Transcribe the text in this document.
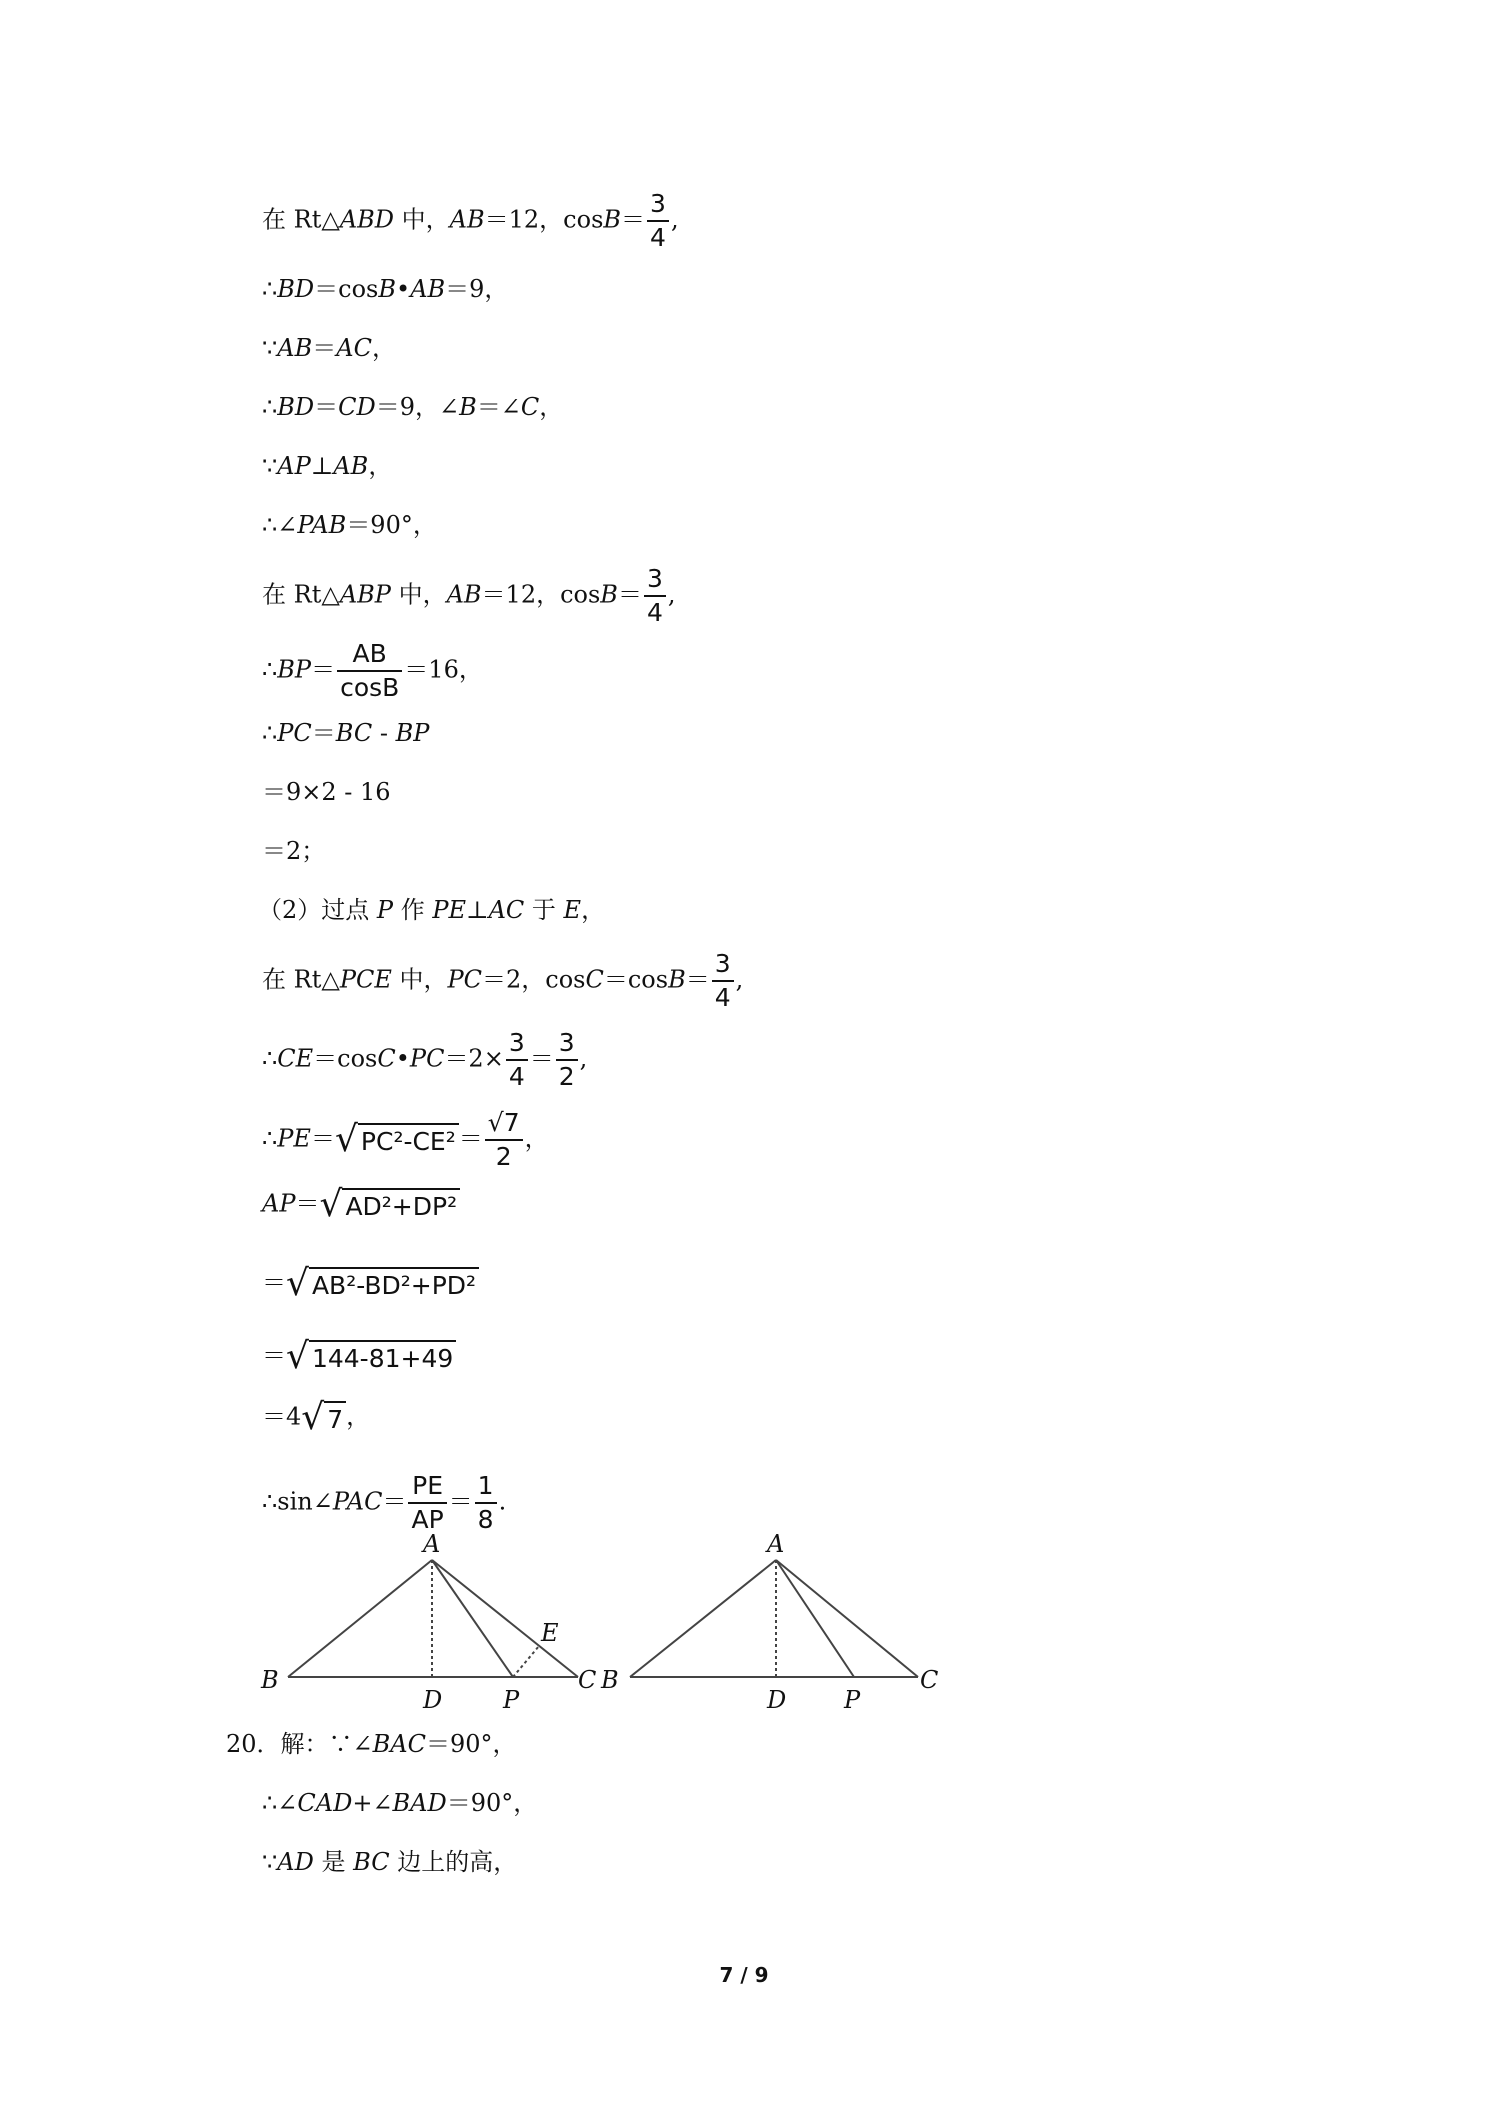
在 Rt△ABD 中，AB＝12，$\cos B= \frac{3}{4}$ ,
∴BD＝cosB•AB＝9，
∵AB＝AC，
∴BD＝CD＝9，∠B＝∠C，
∵AP⊥AB，
∴∠PAB＝90°，
在 Rt△ABP 中，AB＝12，$\cos B= \frac{3}{4}$ ,
∴BP＝ $\frac{AB}{\cos B} =16$，
∴PC＝BC - BP
＝9×2 - 16
＝2；
（2）过点 P 作 PE⊥AC 于 E，
在 Rt△PCE 中，PC＝2，$\cos C=\cos B= \frac{3}{4}$ ,
∴CE＝cosC•PC＝2× $\frac{3}{4} = \frac{3}{2}$ ,
∴PE＝√ $PC^2-CE^2 = \frac{√7}{2}$ ，
AP＝√ AD²+DP²
＝√ AB²-BD²+PD²
＝√ 144-81+49
＝4√ 7 ，
∴sin∠PAC＝ $\frac{PE}{AP} = \frac{1}{8}$ .
A
B
D	P
C
E
A
B
D P
C
20．解：∵∠BAC＝90°，
∴∠CAD+∠BAD＝90°，
∵AD 是 BC 边上的高，
7 / 9
